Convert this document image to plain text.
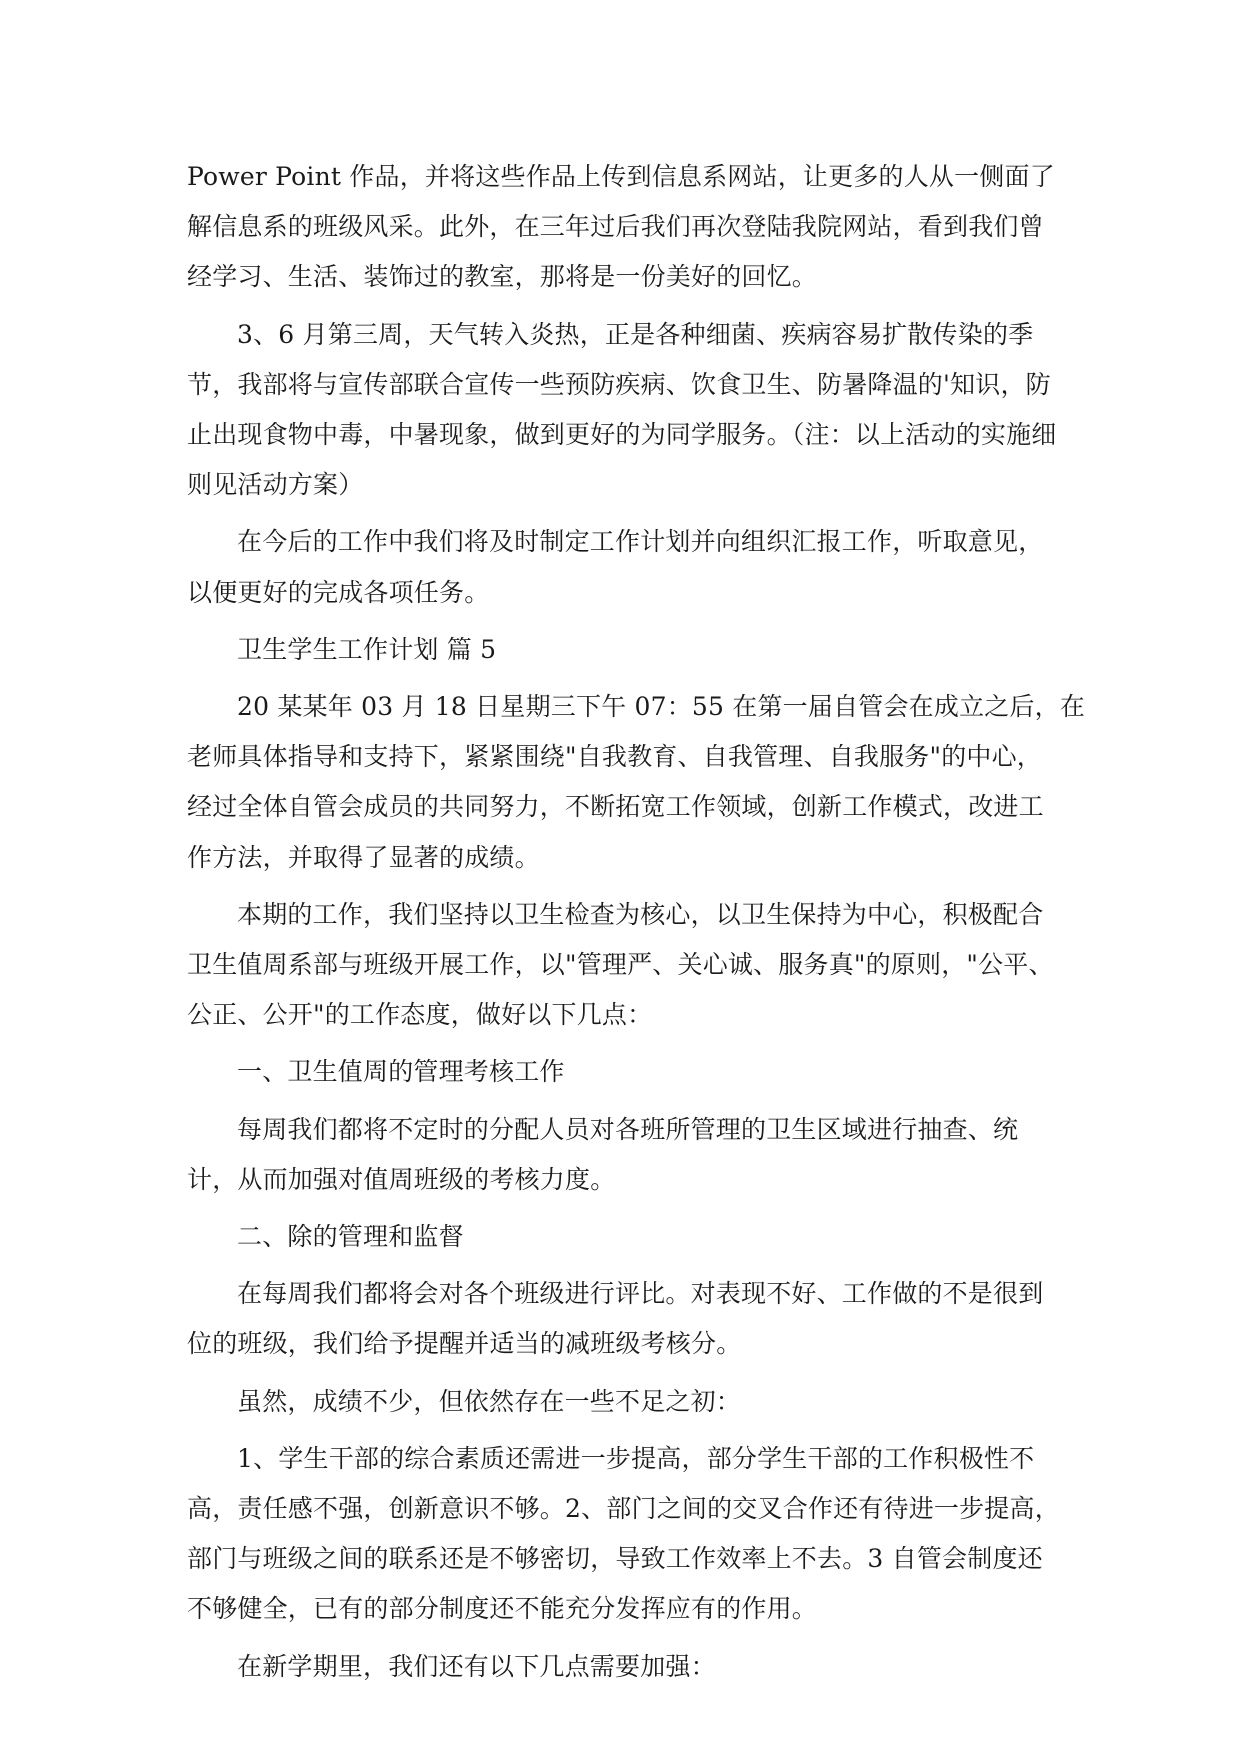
Power Point 作品，并将这些作品上传到信息系网站，让更多的人从一侧面了
解信息系的班级风采。此外，在三年过后我们再次登陆我院网站，看到我们曾
经学习、生活、装饰过的教室，那将是一份美好的回忆。

3、6 月第三周，天气转入炎热，正是各种细菌、疾病容易扩散传染的季
节，我部将与宣传部联合宣传一些预防疾病、饮食卫生、防暑降温的'知识，防
止出现食物中毒，中暑现象，做到更好的为同学服务。（注：以上活动的实施细
则见活动方案）

在今后的工作中我们将及时制定工作计划并向组织汇报工作，听取意见，
以便更好的完成各项任务。

卫生学生工作计划 篇 5

20 某某年 03 月 18 日星期三下午 07：55 在第一届自管会在成立之后，在
老师具体指导和支持下，紧紧围绕"自我教育、自我管理、自我服务"的中心，
经过全体自管会成员的共同努力，不断拓宽工作领域，创新工作模式，改进工
作方法，并取得了显著的成绩。

本期的工作，我们坚持以卫生检查为核心，以卫生保持为中心，积极配合
卫生值周系部与班级开展工作，以"管理严、关心诚、服务真"的原则，"公平、
公正、公开"的工作态度，做好以下几点：

一、卫生值周的管理考核工作

每周我们都将不定时的分配人员对各班所管理的卫生区域进行抽查、统
计，从而加强对值周班级的考核力度。

二、除的管理和监督

在每周我们都将会对各个班级进行评比。对表现不好、工作做的不是很到
位的班级，我们给予提醒并适当的减班级考核分。

虽然，成绩不少，但依然存在一些不足之初：

1、学生干部的综合素质还需进一步提高，部分学生干部的工作积极性不
高，责任感不强，创新意识不够。2、部门之间的交叉合作还有待进一步提高，
部门与班级之间的联系还是不够密切，导致工作效率上不去。3 自管会制度还
不够健全，已有的部分制度还不能充分发挥应有的作用。

在新学期里，我们还有以下几点需要加强：
